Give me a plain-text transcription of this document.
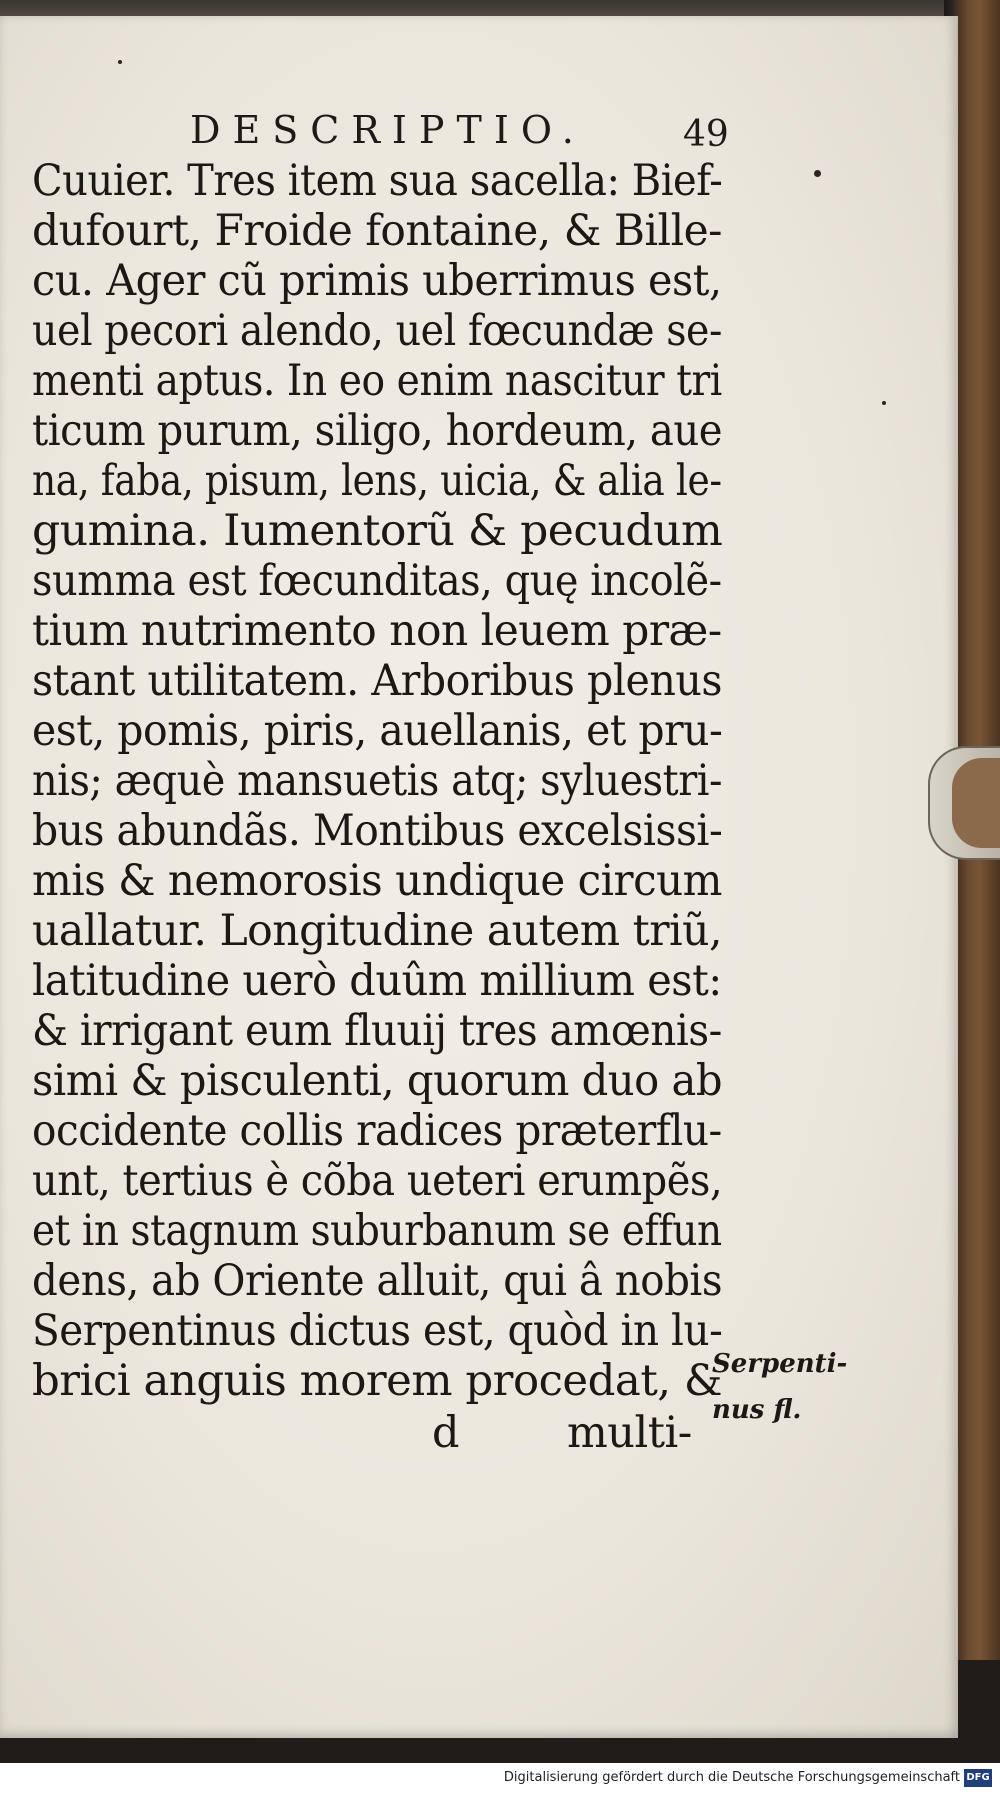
DESCRIPTIO.	49
Cuuier. Tres item sua sacella: Bief-
dufourt, Froide fontaine, & Bille-
cu. Ager cũ primis uberrimus est,
uel pecori alendo, uel fœcundæ se-
menti aptus. In eo enim nascitur tri
ticum purum, siligo, hordeum, aue
na, faba, pisum, lens, uicia, & alia le-
gumina. Iumentorũ & pecudum
summa est fœcunditas, quę incolẽ-
tium nutrimento non leuem præ-
stant utilitatem. Arboribus plenus
est, pomis, piris, auellanis, et pru-
nis; æquè mansuetis atq; syluestri-
bus abundãs. Montibus excelsissi-
mis & nemorosis undique circum
uallatur. Longitudine autem triũ,
latitudine uerò duûm millium est:
& irrigant eum fluuij tres amœnis-
simi & pisculenti, quorum duo ab
occidente collis radices præterflu-
unt, tertius è cõba ueteri erumpẽs,
et in stagnum suburbanum se effun
dens, ab Oriente alluit, qui â nobis
Serpentinus dictus est, quòd in lu-
brici anguis morem procedat, &
d	multi-
Serpenti-
nus fl.
Digitalisierung gefördert durch die Deutsche Forschungsgemeinschaft DFG
